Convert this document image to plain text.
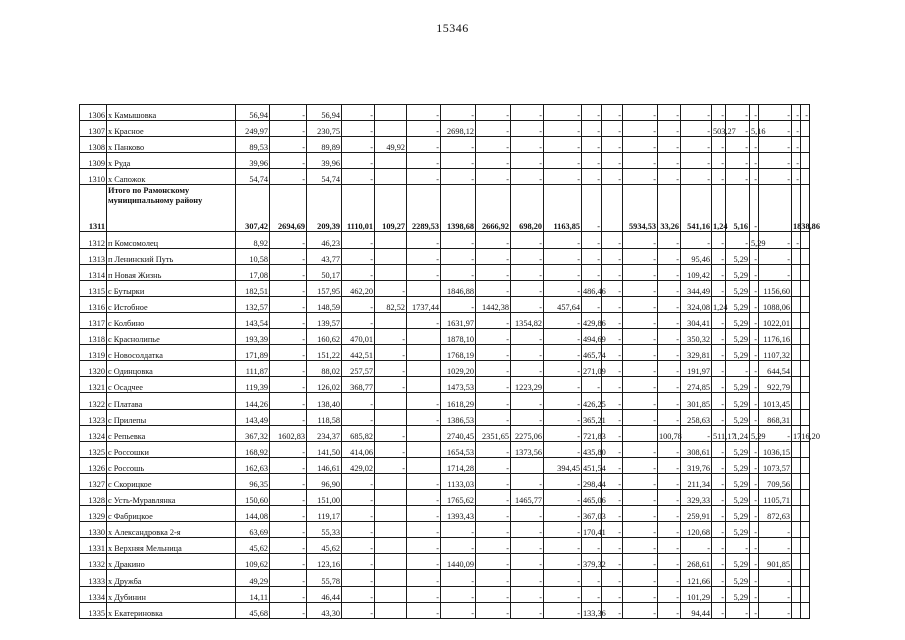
15346
1306	х Камышовка	56,94	-	56,94	-		-	-	-	-	-	-	-	-	-	-	-	-	-	-	-	-
1307	х Красное	249,97	-	230,75	-		-	2698,12	-	-	-	-	-	-	-	-	503,27	-	5,16	-	-	
1308	х Панково	89,53	-	89,89	-	49,92	-	-	-	-	-	-	-	-	-	-	-	-	-	-	-	
1309	х Руда	39,96	-	39,96	-		-	-	-	-	-	-	-	-	-	-	-	-	-	-	-	
1310	х Сапожок	54,74	-	54,74	-		-	-	-	-	-	-	-	-	-	-	-	-	-	-	-	
1311	Итого по Рамонскому муниципальному району	307,42	2694,69	209,39	1110,01	109,27	2289,53	1398,68	2666,92	698,20	1163,85	-		5934,53	33,26	541,16	1,24	5,16	-		1838,86	
1312	п Комсомолец	8,92	-	46,23	-		-	-	-	-	-	-	-	-	-	-	-	-	5,29	-	-	
1313	п Ленинский Путь	10,58	-	43,77	-		-	-	-	-	-	-	-	-	-	95,46	-	5,29	-	-		
1314	п Новая Жизнь	17,08	-	50,17	-		-	-	-	-	-	-	-	-	-	109,42	-	5,29	-	-		
1315	с Бутырки	182,51	-	157,95	462,20	-		1846,88	-	-	-	486,46	-	-	-	344,49	-	5,29	-	1156,60		
1316	с Истобное	132,57	-	148,59	-	82,52	1737,44	-	1442,38	-	457,64	-	-	-	-	324,08	1,24	5,29	-	1088,06		
1317	с Колбино	143,54	-	139,57	-		-	1631,97	-	1354,82	-	429,86	-	-	-	304,41	-	5,29	-	1022,01		
1318	с Краснолипье	193,39	-	160,62	470,01	-		1878,10	-	-	-	494,69	-	-	-	350,32	-	5,29	-	1176,16		
1319	с Новосолдатка	171,89	-	151,22	442,51	-		1768,19	-	-	-	465,74	-	-	-	329,81	-	5,29	-	1107,32		
1320	с Одинцовка	111,87	-	88,02	257,57	-		1029,20	-	-	-	271,09	-	-	-	191,97	-	-	-	644,54		
1321	с Осадчее	119,39	-	126,02	368,77	-		1473,53	-	1223,29	-	-	-	-	-	274,85	-	5,29	-	922,79		
1322	с Платава	144,26	-	138,40	-		-	1618,29	-	-	-	426,25	-	-	-	301,85	-	5,29	-	1013,45		
1323	с Прилепы	143,49	-	118,58	-		-	1386,53	-	-	-	365,21	-	-	-	258,63	-	5,29	-	868,31		
1324	с Репьевка	367,32	1602,83	234,37	685,82	-		2740,45	2351,65	2275,06	-	721,83	-		100,78	-	511,17	1,24	5,29	-	1716,20	
1325	с Россошки	168,92	-	141,50	414,06	-		1654,53	-	1373,56	-	435,80	-	-	-	308,61	-	5,29	-	1036,15		
1326	с Россошь	162,63	-	146,61	429,02	-		1714,28	-		394,45	451,54	-	-	-	319,76	-	5,29	-	1073,57		
1327	с Скорицкое	96,35	-	96,90	-		-	1133,03	-	-	-	298,44	-	-	-	211,34	-	5,29	-	709,56		
1328	с Усть-Муравлянка	150,60	-	151,00	-		-	1765,62	-	1465,77	-	465,06	-	-	-	329,33	-	5,29	-	1105,71		
1329	с Фабрицкое	144,08	-	119,17	-		-	1393,43	-	-	-	367,03	-	-	-	259,91	-	5,29	-	872,63		
1330	х Александровка 2-я	63,69	-	55,33	-		-	-	-	-	-	170,41	-	-	-	120,68	-	5,29	-	-		
1331	х Верхняя Мельница	45,62	-	45,62	-		-	-	-	-	-	-	-	-	-	-	-	-	-	-		
1332	х Дракино	109,62	-	123,16	-		-	1440,09	-	-	-	379,32	-	-	-	268,61	-	5,29	-	901,85		
1333	х Дружба	49,29	-	55,78	-		-	-	-	-	-	-	-	-	-	121,66	-	5,29	-	-		
1334	х Дубинин	14,11	-	46,44	-		-	-	-	-	-	-	-	-	-	101,29	-	5,29	-	-		
1335	х Екатериновка	45,68	-	43,30	-		-	-	-	-	-	133,36	-	-	-	94,44	-	-	-	-		
